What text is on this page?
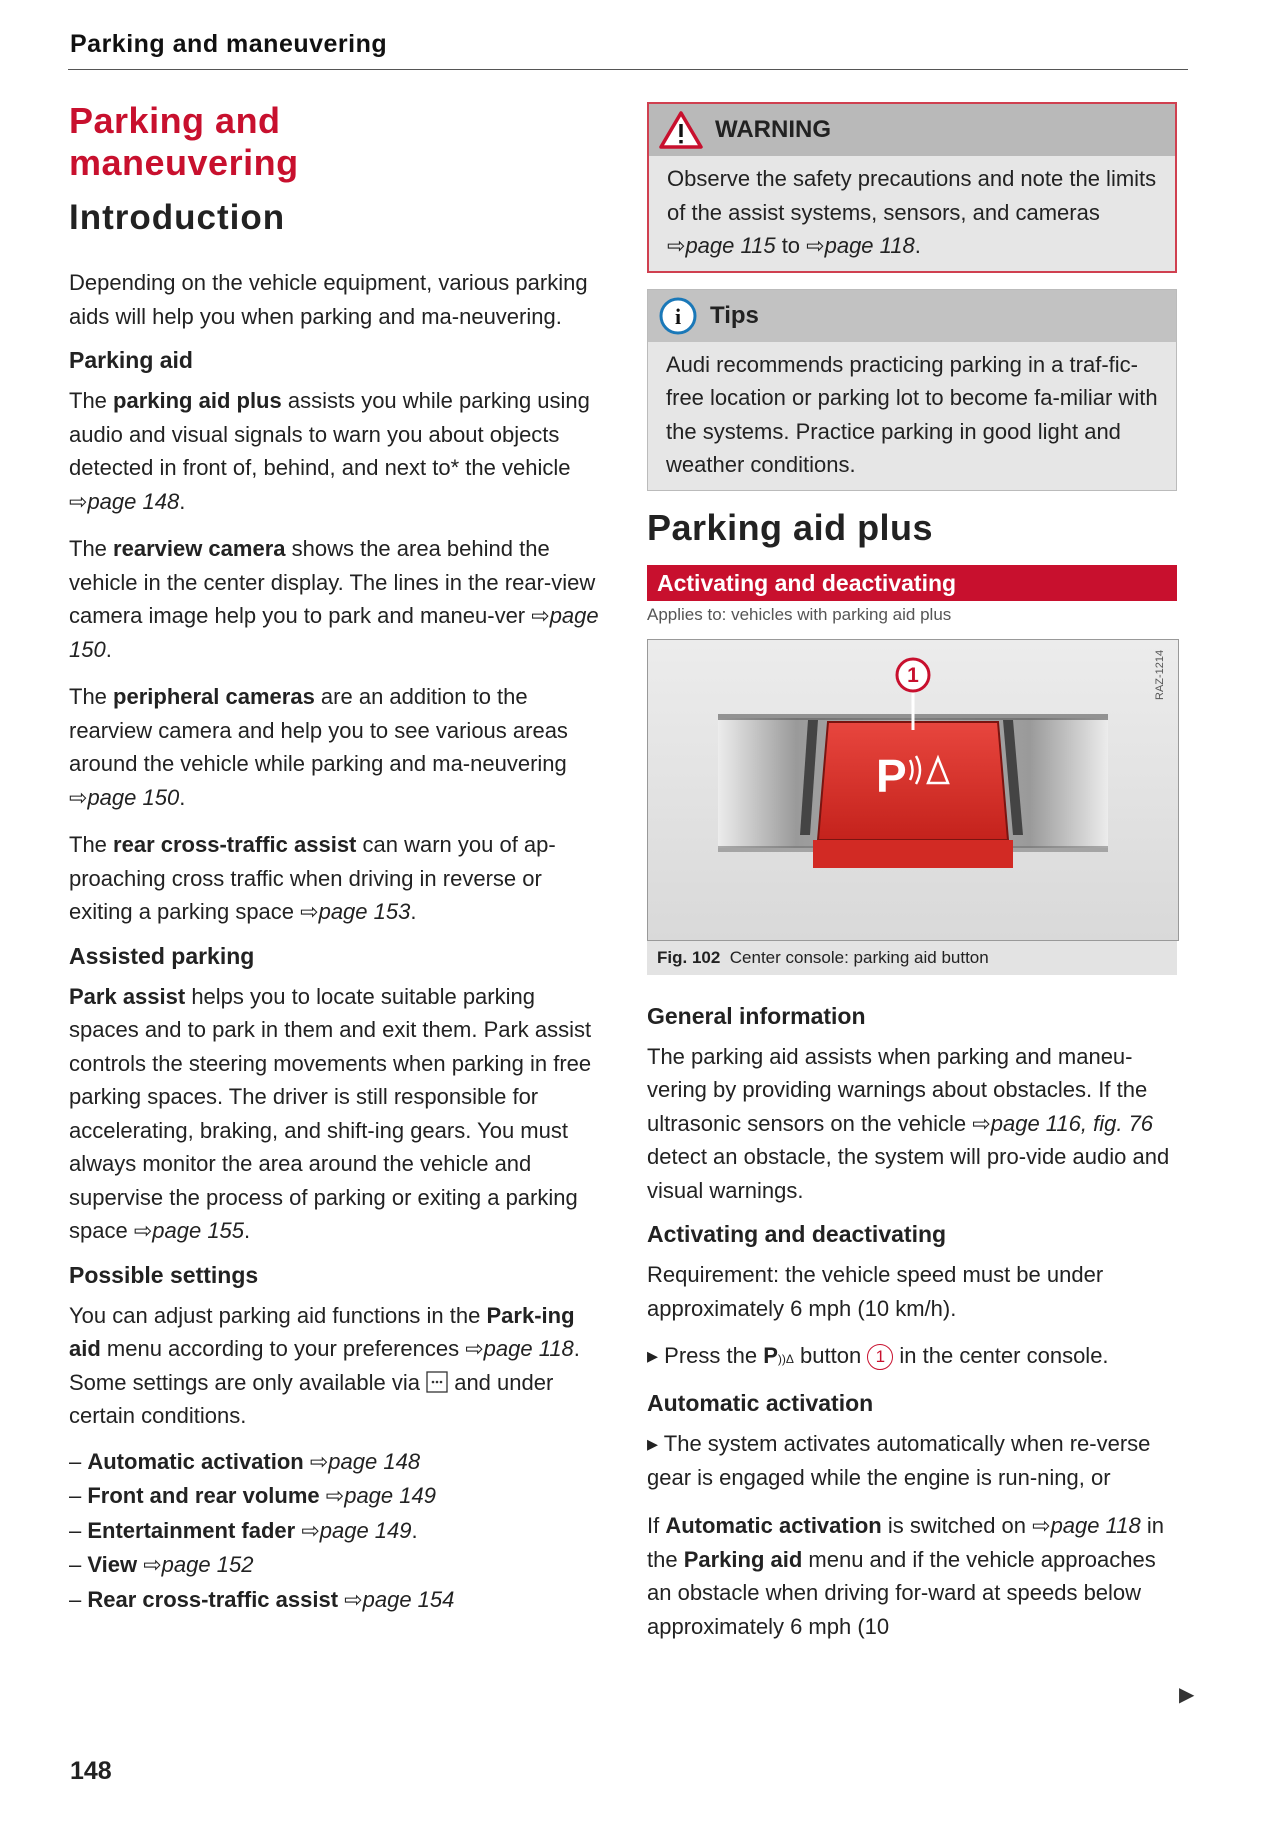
Parking and maneuvering
Parking and
maneuvering
Introduction

Depending on the vehicle equipment, various parking aids will help you when parking and ma-neuvering.

Parking aid

The parking aid plus assists you while parking using audio and visual signals to warn you about objects detected in front of, behind, and next to* the vehicle ⇨page 148.

The rearview camera shows the area behind the vehicle in the center display. The lines in the rear-view camera image help you to park and maneu-ver ⇨page 150.

The peripheral cameras are an addition to the rearview camera and help you to see various areas around the vehicle while parking and ma-neuvering ⇨page 150.

The rear cross-traffic assist can warn you of ap-proaching cross traffic when driving in reverse or exiting a parking space ⇨page 153.

Assisted parking

Park assist helps you to locate suitable parking spaces and to park in them and exit them. Park assist controls the steering movements when parking in free parking spaces. The driver is still responsible for accelerating, braking, and shift-ing gears. You must always monitor the area around the vehicle and supervise the process of parking or exiting a parking space ⇨page 155.

Possible settings

You can adjust parking aid functions in the Park-ing aid menu according to your preferences ⇨page 118. Some settings are only available via  and under certain conditions.

– Automatic activation ⇨page 148
– Front and rear volume ⇨page 149
– Entertainment fader ⇨page 149.
– View ⇨page 152
– Rear cross-traffic assist ⇨page 154
WARNING

Observe the safety precautions and note the limits of the assist systems, sensors, and cameras ⇨page 115 to ⇨page 118.

i Tips

Audi recommends practicing parking in a traf-fic-free location or parking lot to become fa-miliar with the systems. Practice parking in good light and weather conditions.

Parking aid plus
Activating and deactivating
Applies to: vehicles with parking aid plus
1
P
RAZ-1214
Fig. 102 Center console: parking aid button
General information

The parking aid assists when parking and maneu-vering by providing warnings about obstacles. If the ultrasonic sensors on the vehicle ⇨page 116, fig. 76 detect an obstacle, the system will pro-vide audio and visual warnings.

Activating and deactivating

Requirement: the vehicle speed must be under approximately 6 mph (10 km/h).

▸ Press the P))Δ button 1 in the center console.

Automatic activation

▸ The system activates automatically when re-verse gear is engaged while the engine is run-ning, or

If Automatic activation is switched on ⇨page 118 in the Parking aid menu and if the vehicle approaches an obstacle when driving for-ward at speeds below approximately 6 mph (10

▶
148
